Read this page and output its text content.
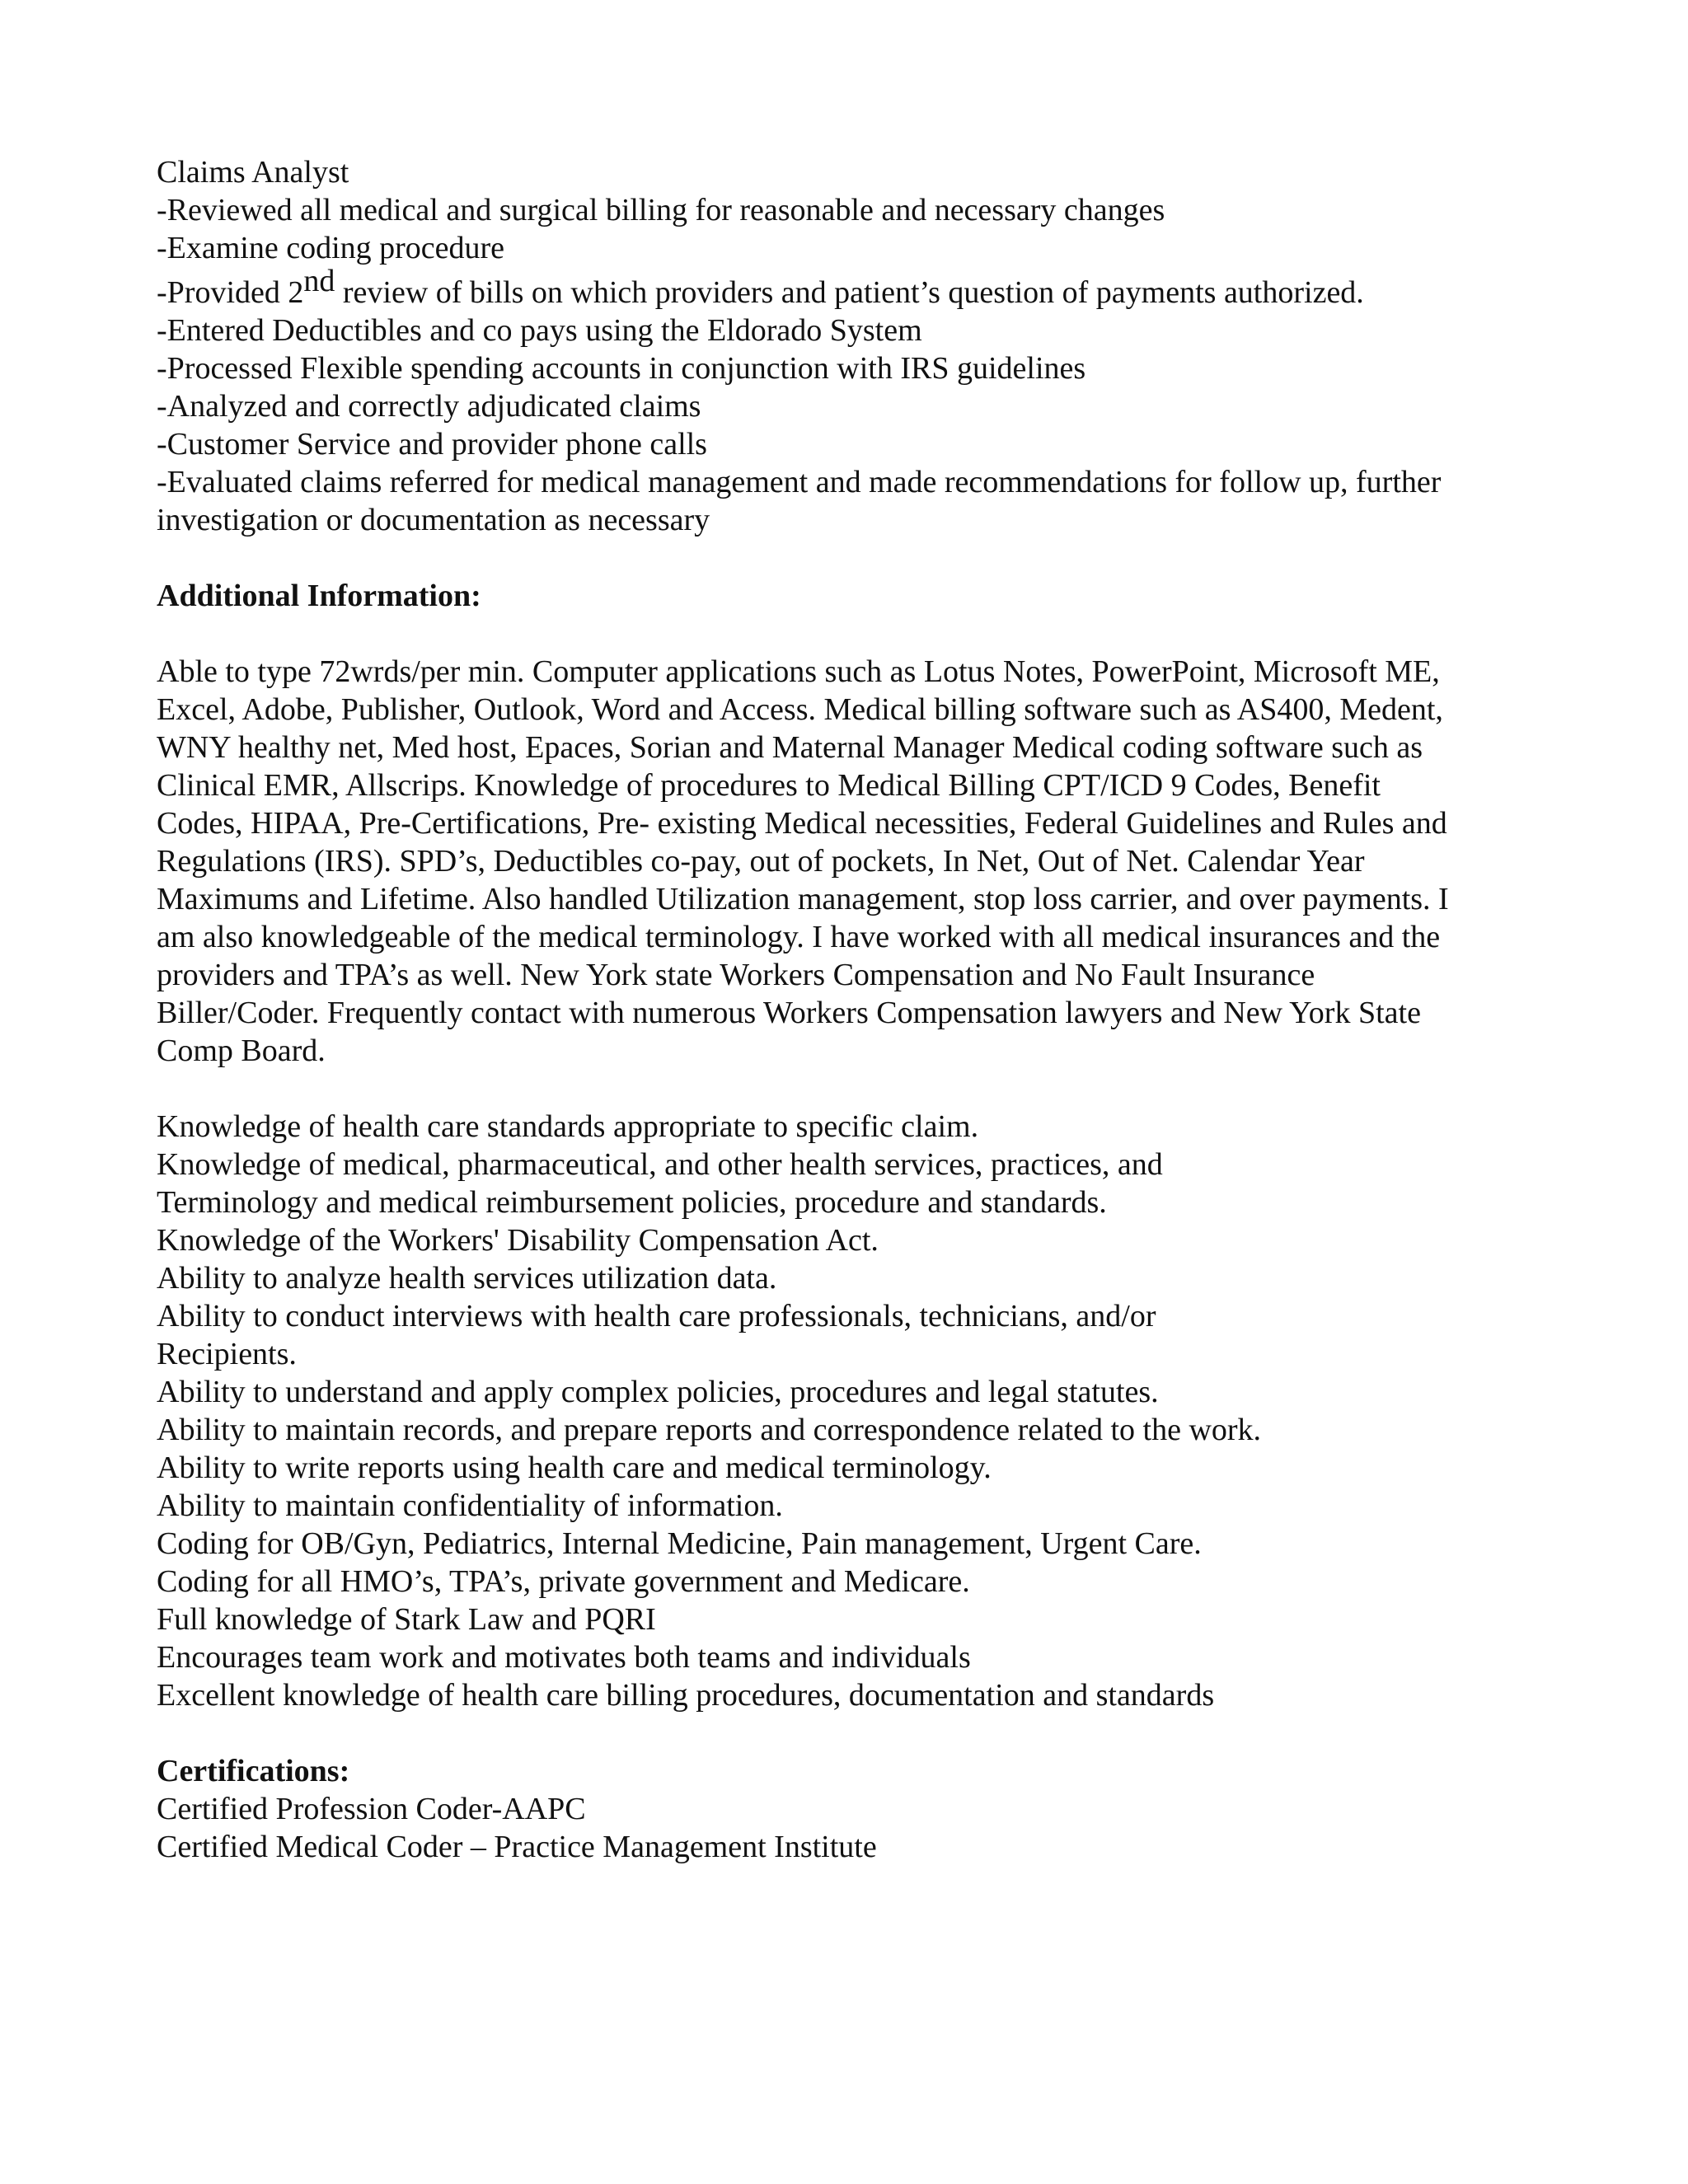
Claims Analyst
-Reviewed all medical and surgical billing for reasonable and necessary changes
-Examine coding procedure
-Provided 2nd review of bills on which providers and patient’s question of payments authorized.
-Entered Deductibles and co pays using the Eldorado System
-Processed Flexible spending accounts in conjunction with IRS guidelines
-Analyzed and correctly adjudicated claims
-Customer Service and provider phone calls
-Evaluated claims referred for medical management and made recommendations for follow up, further
investigation or documentation as necessary
Additional Information:
Able to type 72wrds/per min. Computer applications such as Lotus Notes, PowerPoint, Microsoft ME,
Excel, Adobe, Publisher, Outlook, Word and Access. Medical billing software such as AS400, Medent,
WNY healthy net, Med host, Epaces, Sorian and Maternal Manager Medical coding software such as
Clinical EMR, Allscrips. Knowledge of procedures to Medical Billing CPT/ICD 9 Codes, Benefit
Codes, HIPAA, Pre-Certifications, Pre- existing Medical necessities, Federal Guidelines and Rules and
Regulations (IRS). SPD’s, Deductibles co-pay, out of pockets, In Net, Out of Net. Calendar Year
Maximums and Lifetime. Also handled Utilization management, stop loss carrier, and over payments. I
am also knowledgeable of the medical terminology. I have worked with all medical insurances and the
providers and TPA’s as well. New York state Workers Compensation and No Fault Insurance
Biller/Coder. Frequently contact with numerous Workers Compensation lawyers and New York State
Comp Board.
Knowledge of health care standards appropriate to specific claim.
Knowledge of medical, pharmaceutical, and other health services, practices, and
Terminology and medical reimbursement policies, procedure and standards.
Knowledge of the Workers' Disability Compensation Act.
Ability to analyze health services utilization data.
Ability to conduct interviews with health care professionals, technicians, and/or
Recipients.
Ability to understand and apply complex policies, procedures and legal statutes.
Ability to maintain records, and prepare reports and correspondence related to the work.
Ability to write reports using health care and medical terminology.
Ability to maintain confidentiality of information.
Coding for OB/Gyn, Pediatrics, Internal Medicine, Pain management, Urgent Care.
Coding for all HMO’s, TPA’s, private government and Medicare.
Full knowledge of Stark Law and PQRI
Encourages team work and motivates both teams and individuals
Excellent knowledge of health care billing procedures, documentation and standards
Certifications:
Certified Profession Coder-AAPC
Certified Medical Coder – Practice Management Institute
